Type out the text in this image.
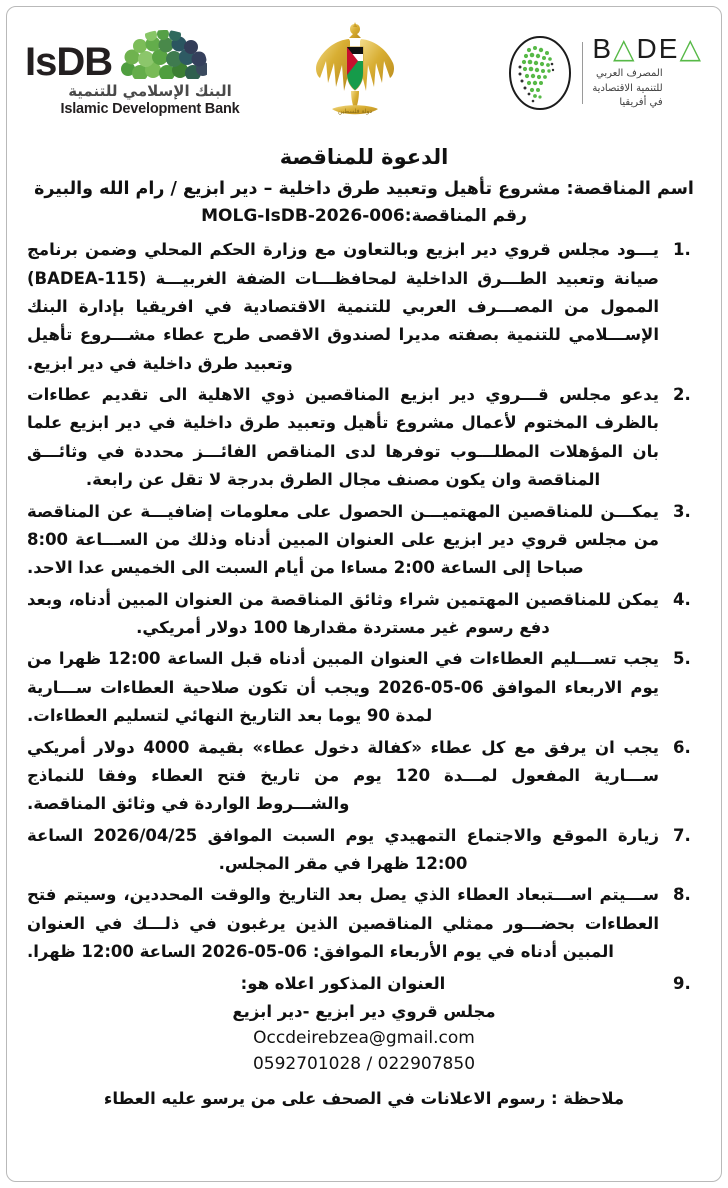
IsDB
البنك الإسلامي للتنمية
Islamic Development Bank	دولة فلسطين
B△DE△
المصرف العربي
للتنمية الاقتصادية
في أفريقيا
الدعوة للمناقصة
اسم المناقصة: مشروع تأهيل وتعبيد طرق داخلية – دير ابزيع / رام الله والبيرة
رقم المناقصة:MOLG-IsDB-2026-006
1.
يـــود مجلس قروي دير ابزيع وبالتعاون مع وزارة الحكم المحلي وضمن برنامج صيانة وتعبيد الطـــرق الداخلية لمحافظـــات الضفة الغربيـــة (BADEA-115) الممول من المصـــرف العربي للتنمية الاقتصادية في افريقيا بإدارة البنك الإســـلامي للتنمية بصفته مديرا لصندوق الاقصى طرح عطاء مشـــروع تأهيل وتعبيد طرق داخلية في دير ابزيع.
2.
يدعو مجلس قـــروي دير ابزيع المناقصين ذوي الاهلية الى تقديم عطاءات بالظرف المختوم لأعمال مشروع تأهيل وتعبيد طرق داخلية في دير ابزيع علما بان المؤهلات المطلـــوب توفرها لدى المناقص الفائـــز محددة في وثائـــق المناقصة وان يكون مصنف مجال الطرق بدرجة لا تقل عن رابعة.
3.
يمكـــن للمناقصين المهتميـــن الحصول على معلومات إضافيـــة عن المناقصة من مجلس قروي دير ابزيع على العنوان المبين أدناه وذلك من الســـاعة 8:00 صباحا إلى الساعة 2:00 مساءا من أيام السبت الى الخميس عدا الاحد.
4.
يمكن للمناقصين المهتمين شراء وثائق المناقصة من العنوان المبين أدناه، وبعد دفع رسوم غير مستردة مقدارها 100 دولار أمريكي.
5.
يجب تســـليم العطاءات في العنوان المبين أدناه قبل الساعة 12:00 ظهرا من يوم الاربعاء الموافق 06-05-2026 ويجب أن تكون صلاحية العطاءات ســـارية لمدة 90 يوما بعد التاريخ النهائي لتسليم العطاءات.
6.
يجب ان يرفق مع كل عطاء «كفالة دخول عطاء» بقيمة 4000 دولار أمريكي ســـارية المفعول لمـــدة 120 يوم من تاريخ فتح العطاء وفقا للنماذج والشـــروط الواردة في وثائق المناقصة.
7.
زيارة الموقع والاجتماع التمهيدي يوم السبت الموافق 2026/04/25 الساعة 12:00 ظهرا في مقر المجلس.
8.
ســـيتم اســـتبعاد العطاء الذي يصل بعد التاريخ والوقت المحددين، وسيتم فتح العطاءات بحضـــور ممثلي المناقصين الذين يرغبون في ذلـــك في العنوان المبين أدناه في يوم الأربعاء الموافق: 06-05-2026 الساعة 12:00 ظهرا.
9.
العنوان المذكور اعلاه هو:
مجلس قروي دير ابزيع -دير ابزيع
Occdeirebzea@gmail.com
0592701028 / 022907850
ملاحظة : رسوم الاعلانات في الصحف على من يرسو عليه العطاء
